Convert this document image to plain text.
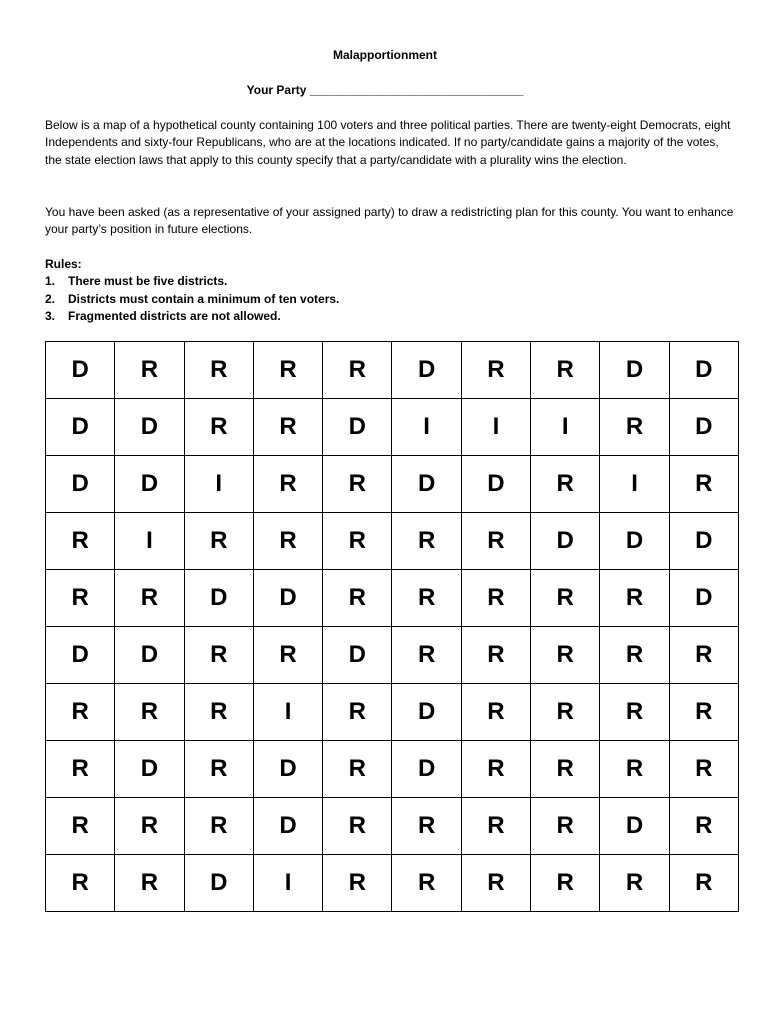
Malapportionment
Your Party ________________________________

Below is a map of a hypothetical county containing 100 voters and three political parties. There are twenty-eight Democrats, eight Independents and sixty-four Republicans, who are at the locations indicated. If no party/candidate gains a majority of the votes, the state election laws that apply to this county specify that a party/candidate with a plurality wins the election.

You have been asked (as a representative of your assigned party) to draw a redistricting plan for this county. You want to enhance your party’s position in future elections.

Rules:
1. There must be five districts.
2. Districts must contain a minimum of ten voters.
3. Fragmented districts are not allowed.
D	R	R	R	R	D	R	R	D	D
D	D	R	R	D	I	I	I	R	D
D	D	I	R	R	D	D	R	I	R
R	I	R	R	R	R	R	D	D	D
R	R	D	D	R	R	R	R	R	D
D	D	R	R	D	R	R	R	R	R
R	R	R	I	R	D	R	R	R	R
R	D	R	D	R	D	R	R	R	R
R	R	R	D	R	R	R	R	D	R
R	R	D	I	R	R	R	R	R	R
